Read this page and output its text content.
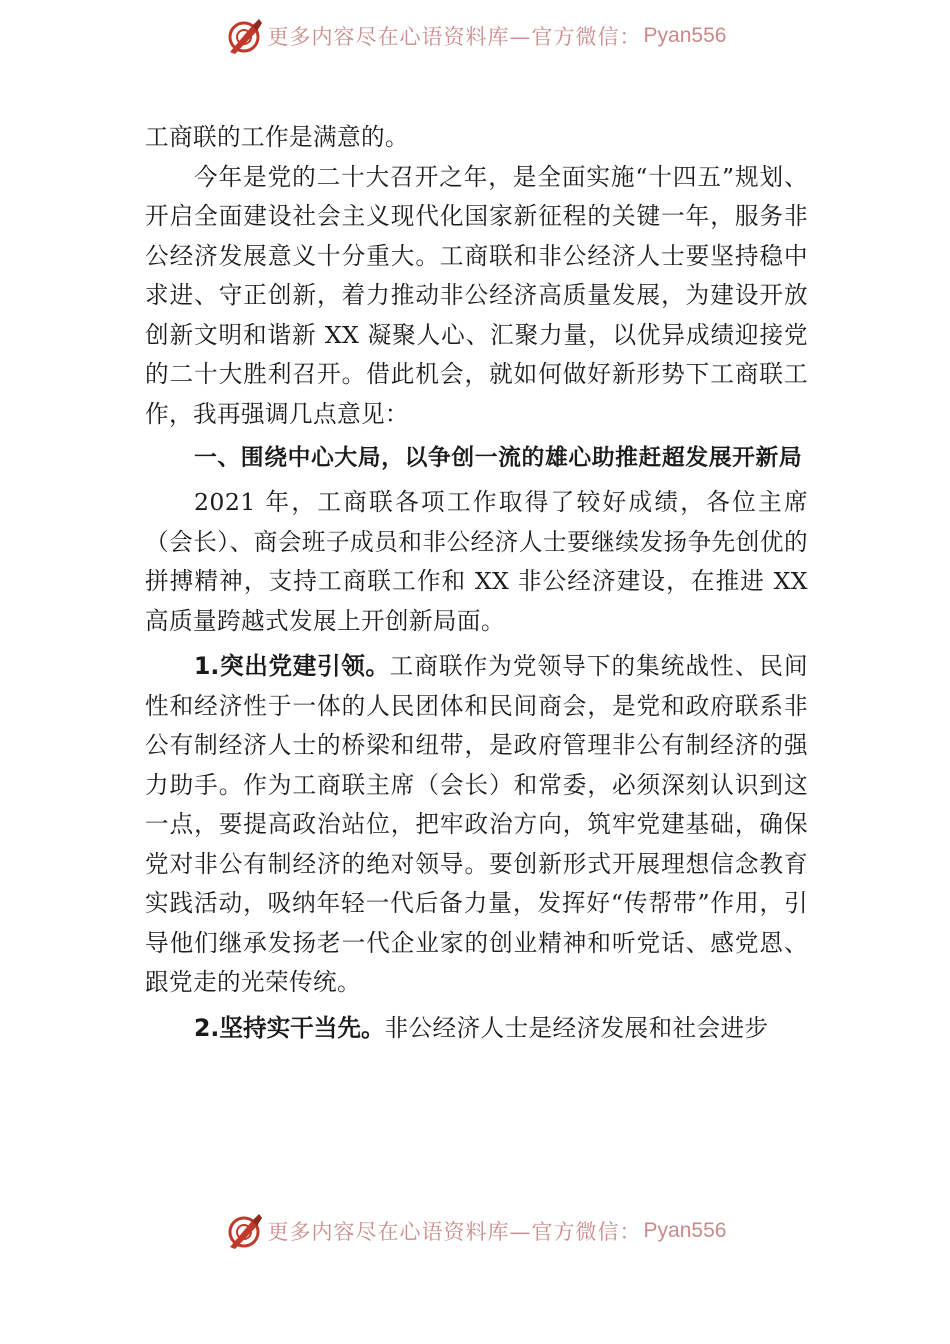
更多内容尽在心语资料库—官方微信： Pyan556

工商联的工作是满意的。

今年是党的二十大召开之年，是全面实施“十四五”规划、开启全面建设社会主义现代化国家新征程的关键一年，服务非公经济发展意义十分重大。工商联和非公经济人士要坚持稳中求进、守正创新，着力推动非公经济高质量发展，为建设开放创新文明和谐新 XX 凝聚人心、汇聚力量，以优异成绩迎接党的二十大胜利召开。借此机会，就如何做好新形势下工商联工作，我再强调几点意见：

一、围绕中心大局，以争创一流的雄心助推赶超发展开新局

2021 年，工商联各项工作取得了较好成绩，各位主席（会长）、商会班子成员和非公经济人士要继续发扬争先创优的拼搏精神，支持工商联工作和 XX 非公经济建设，在推进 XX 高质量跨越式发展上开创新局面。

1.突出党建引领。工商联作为党领导下的集统战性、民间性和经济性于一体的人民团体和民间商会，是党和政府联系非公有制经济人士的桥梁和纽带，是政府管理非公有制经济的强力助手。作为工商联主席（会长）和常委，必须深刻认识到这一点，要提高政治站位，把牢政治方向，筑牢党建基础，确保党对非公有制经济的绝对领导。要创新形式开展理想信念教育实践活动，吸纳年轻一代后备力量，发挥好“传帮带”作用，引导他们继承发扬老一代企业家的创业精神和听党话、感党恩、跟党走的光荣传统。

2.坚持实干当先。非公经济人士是经济发展和社会进步

更多内容尽在心语资料库—官方微信： Pyan556
